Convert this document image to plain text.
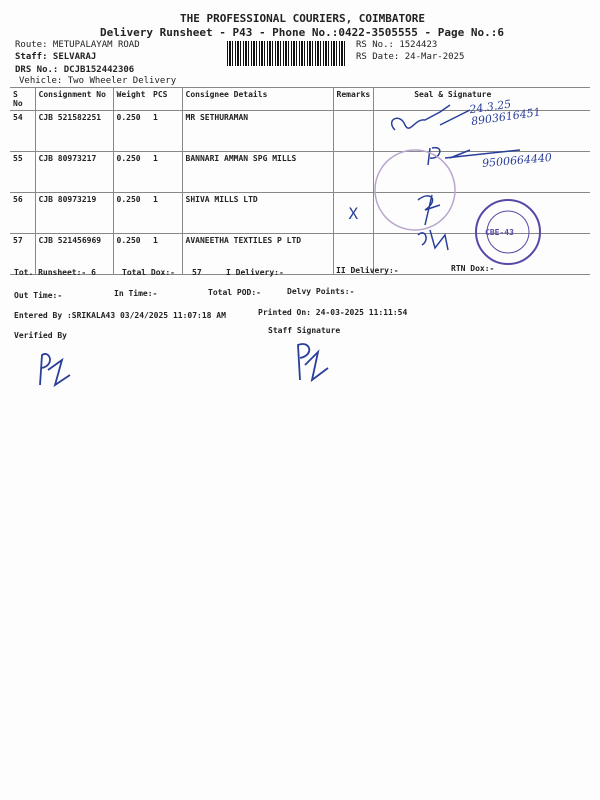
THE PROFESSIONAL COURIERS, COIMBATORE
Delivery Runsheet - P43 - Phone No.:0422-3505555 - Page No.:6
Route: METUPALAYAM ROAD
Staff: SELVARAJ
DRS No.: DCJB152442306
Vehicle: Two Wheeler Delivery
RS No.: 1524423
RS Date: 24-Mar-2025
S No	Consignment No	Weight	PCS	Consignee Details	Remarks	Seal & Signature
54	CJB 521582251	0.250	1	MR SETHURAMAN		
55	CJB 80973217	0.250	1	BANNARI AMMAN SPG MILLS		
56	CJB 80973219	0.250	1	SHIVA MILLS LTD	X	
57	CJB 521456969	0.250	1	AVANEETHA TEXTILES P LTD		
24.3.25 8903616451
9500664440
CBE-43
Tot. Runsheet:- 6	Total Dox:- 57	I Delivery:-	II Delivery:-	RTN Dox:-
Out Time:-	In Time:-	Total POD:-	Delvy Points:-
Entered By :SRIKALA43 03/24/2025 11:07:18 AM	Printed On: 24-03-2025 11:11:54
Verified By
Staff Signature
